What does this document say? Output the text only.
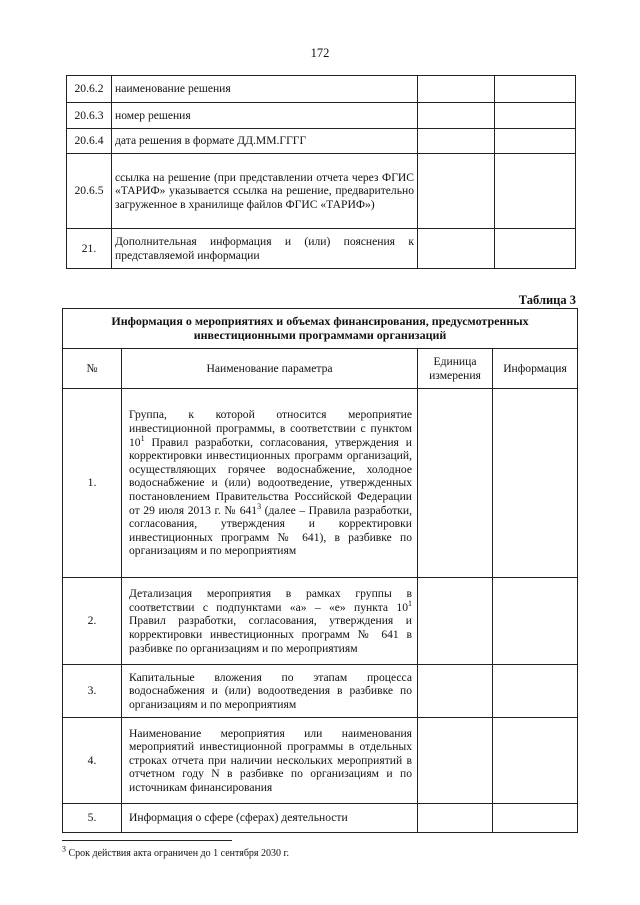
172
20.6.2	наименование решения		
20.6.3	номер решения		
20.6.4	дата решения в формате ДД.ММ.ГГГГ		
20.6.5	ссылка на решение (при представлении отчета через ФГИС «ТАРИФ» указывается ссылка на решение, предварительно загруженное в хранилище файлов ФГИС «ТАРИФ»)		
21.	Дополнительная информация и (или) пояснения к представляемой информации		
Таблица 3
Информация о мероприятиях и объемах финансирования, предусмотренных инвестиционными программами организаций			
№	Наименование параметра	Единица измерения	Информация
1.	Группа, к которой относится мероприятие инвестиционной программы, в соответствии с пунктом $10^1$ Правил разработки, согласования, утверждения и корректировки инвестиционных программ организаций, осуществляющих горячее водоснабжение, холодное водоснабжение и (или) водоотведение, утвержденных постановлением Правительства Российской Федерации от 29 июля 2013 г. № $641^3$ (далее – Правила разработки, согласования, утверждения и корректировки инвестиционных программ № 641), в разбивке по организациям и по мероприятиям		
2.	Детализация мероприятия в рамках группы в соответствии с подпунктами «а» – «е» пункта $10^1$ Правил разработки, согласования, утверждения и корректировки инвестиционных программ № 641 в разбивке по организациям и по мероприятиям		
3.	Капитальные вложения по этапам процесса водоснабжения и (или) водоотведения в разбивке по организациям и по мероприятиям		
4.	Наименование мероприятия или наименования мероприятий инвестиционной программы в отдельных строках отчета при наличии нескольких мероприятий в отчетном году N в разбивке по организациям и по источникам финансирования		
5.	Информация о сфере (сферах) деятельности		
$^3$ Срок действия акта ограничен до 1 сентября 2030 г.
